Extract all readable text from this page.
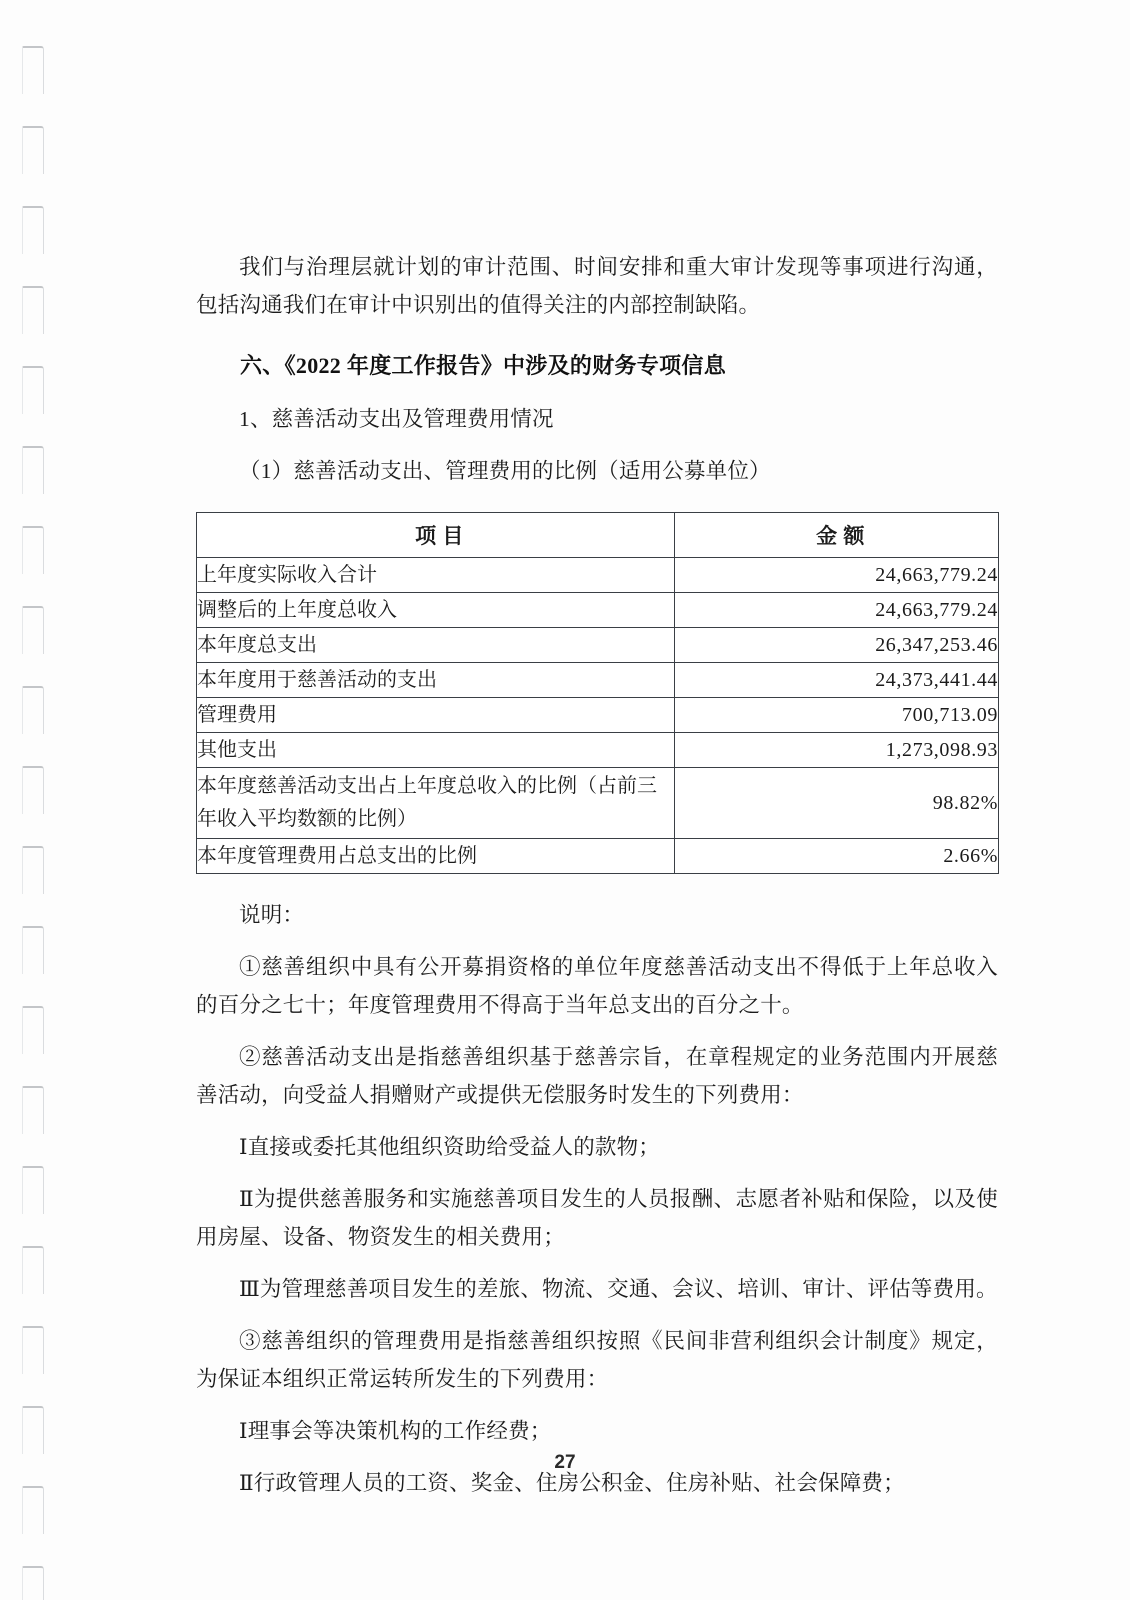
我们与治理层就计划的审计范围、时间安排和重大审计发现等事项进行沟通，包括沟通我们在审计中识别出的值得关注的内部控制缺陷。

六、《2022 年度工作报告》中涉及的财务专项信息

1、慈善活动支出及管理费用情况

（1）慈善活动支出、管理费用的比例（适用公募单位）

项 目	金 额
上年度实际收入合计	24,663,779.24
调整后的上年度总收入	24,663,779.24
本年度总支出	26,347,253.46
本年度用于慈善活动的支出	24,373,441.44
管理费用	700,713.09
其他支出	1,273,098.93
本年度慈善活动支出占上年度总收入的比例（占前三年收入平均数额的比例）	98.82%
本年度管理费用占总支出的比例	2.66%

说明：

①慈善组织中具有公开募捐资格的单位年度慈善活动支出不得低于上年总收入的百分之七十；年度管理费用不得高于当年总支出的百分之十。

②慈善活动支出是指慈善组织基于慈善宗旨，在章程规定的业务范围内开展慈善活动，向受益人捐赠财产或提供无偿服务时发生的下列费用：

Ⅰ直接或委托其他组织资助给受益人的款物；

Ⅱ为提供慈善服务和实施慈善项目发生的人员报酬、志愿者补贴和保险，以及使用房屋、设备、物资发生的相关费用；

Ⅲ为管理慈善项目发生的差旅、物流、交通、会议、培训、审计、评估等费用。

③慈善组织的管理费用是指慈善组织按照《民间非营利组织会计制度》规定，为保证本组织正常运转所发生的下列费用：

Ⅰ理事会等决策机构的工作经费；

Ⅱ行政管理人员的工资、奖金、住房公积金、住房补贴、社会保障费；

27
